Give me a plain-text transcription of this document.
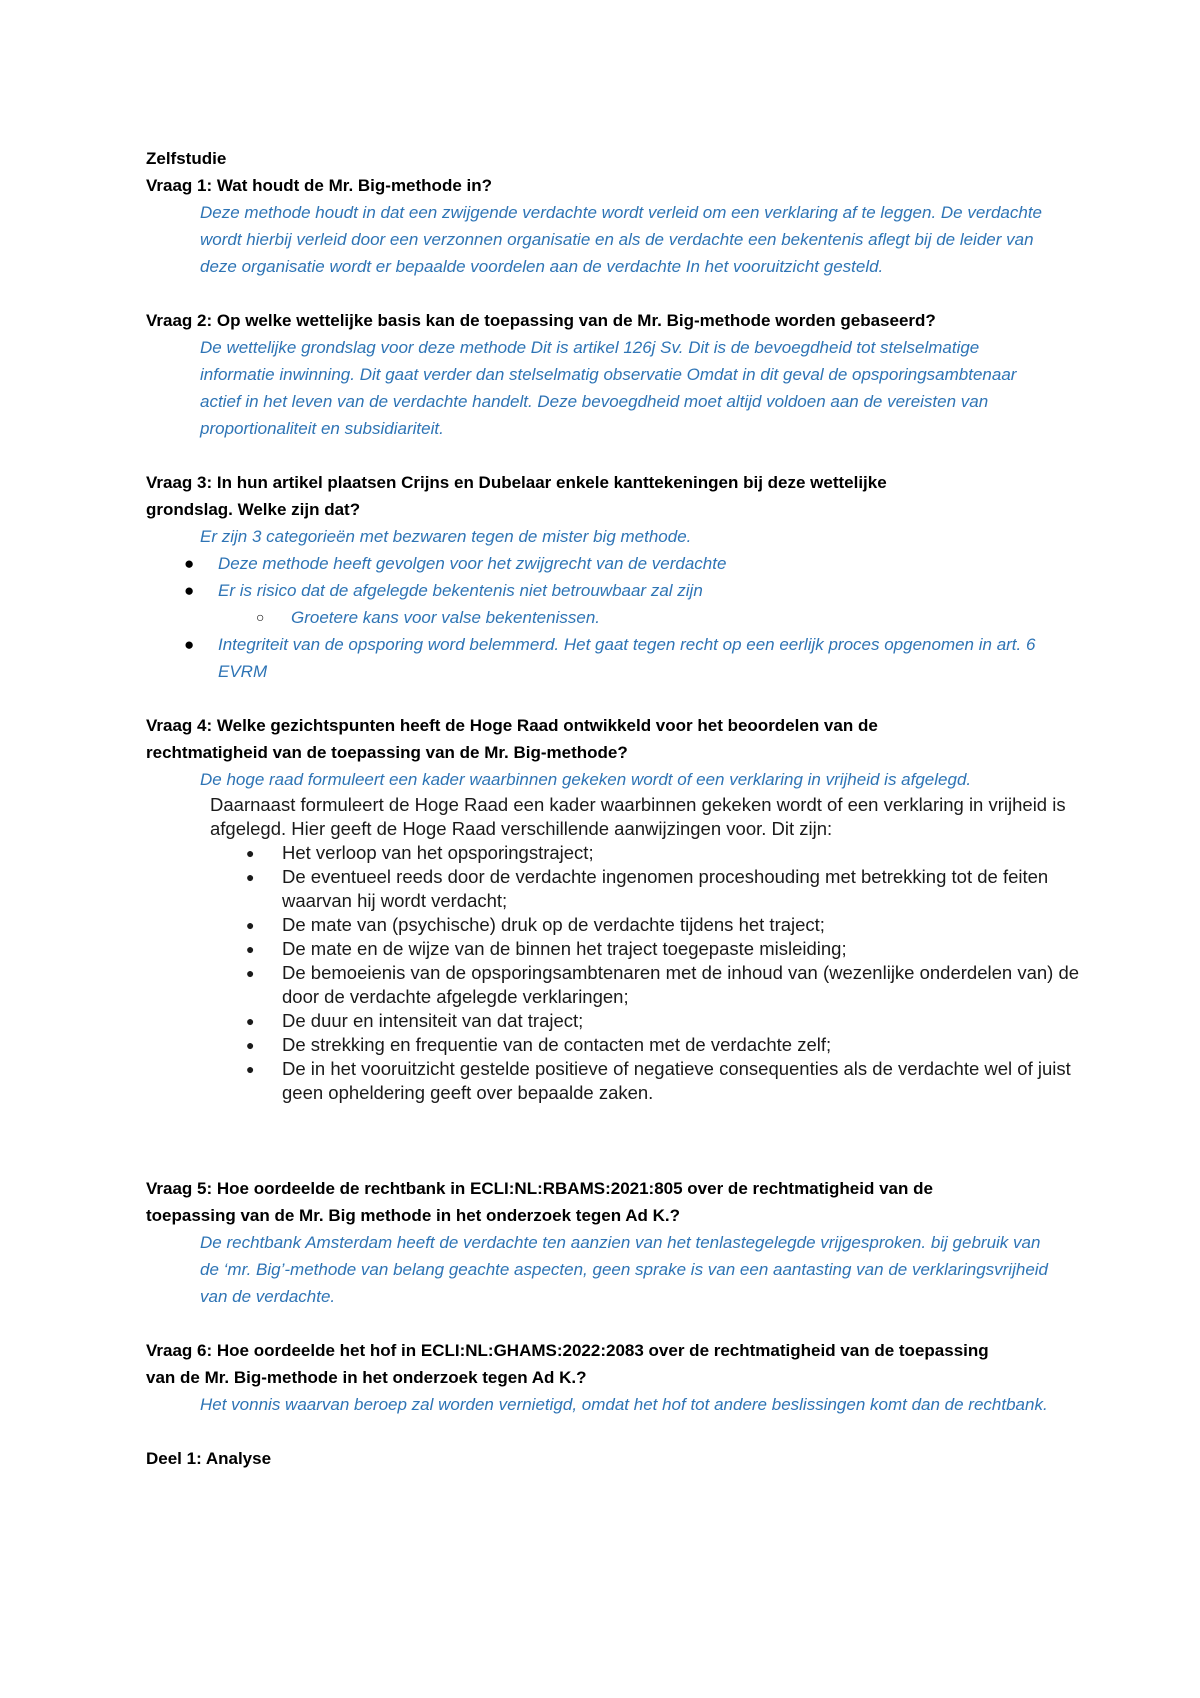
Zelfstudie

Vraag 1: Wat houdt de Mr. Big-methode in?

Deze methode houdt in dat een zwijgende verdachte wordt verleid om een verklaring af te leggen. De verdachte wordt hierbij verleid door een verzonnen organisatie en als de verdachte een bekentenis aflegt bij de leider van deze organisatie wordt er bepaalde voordelen aan de verdachte In het vooruitzicht gesteld.

Vraag 2: Op welke wettelijke basis kan de toepassing van de Mr. Big-methode worden gebaseerd?

De wettelijke grondslag voor deze methode Dit is artikel 126j Sv. Dit is de bevoegdheid tot stelselmatige informatie inwinning. Dit gaat verder dan stelselmatig observatie Omdat in dit geval de opsporingsambtenaar actief in het leven van de verdachte handelt. Deze bevoegdheid moet altijd voldoen aan de vereisten van proportionaliteit en subsidiariteit.

Vraag 3: In hun artikel plaatsen Crijns en Dubelaar enkele kanttekeningen bij deze wettelijke grondslag. Welke zijn dat?

Er zijn 3 categorieën met bezwaren tegen de mister big methode.

● Deze methode heeft gevolgen voor het zwijgrecht van de verdachte
● Er is risico dat de afgelegde bekentenis niet betrouwbaar zal zijn
○ Groetere kans voor valse bekentenissen.
● Integriteit van de opsporing word belemmerd. Het gaat tegen recht op een eerlijk proces opgenomen in art. 6 EVRM

Vraag 4: Welke gezichtspunten heeft de Hoge Raad ontwikkeld voor het beoordelen van de rechtmatigheid van de toepassing van de Mr. Big-methode?

De hoge raad formuleert een kader waarbinnen gekeken wordt of een verklaring in vrijheid is afgelegd.

Daarnaast formuleert de Hoge Raad een kader waarbinnen gekeken wordt of een verklaring in vrijheid is afgelegd. Hier geeft de Hoge Raad verschillende aanwijzingen voor. Dit zijn:

● Het verloop van het opsporingstraject;
● De eventueel reeds door de verdachte ingenomen proceshouding met betrekking tot de feiten waarvan hij wordt verdacht;
● De mate van (psychische) druk op de verdachte tijdens het traject;
● De mate en de wijze van de binnen het traject toegepaste misleiding;
● De bemoeienis van de opsporingsambtenaren met de inhoud van (wezenlijke onderdelen van) de door de verdachte afgelegde verklaringen;
● De duur en intensiteit van dat traject;
● De strekking en frequentie van de contacten met de verdachte zelf;
● De in het vooruitzicht gestelde positieve of negatieve consequenties als de verdachte wel of juist geen opheldering geeft over bepaalde zaken.

Vraag 5: Hoe oordeelde de rechtbank in ECLI:NL:RBAMS:2021:805 over de rechtmatigheid van de toepassing van de Mr. Big methode in het onderzoek tegen Ad K.?

De rechtbank Amsterdam heeft de verdachte ten aanzien van het tenlastegelegde vrijgesproken. bij gebruik van de ‘mr. Big’-methode van belang geachte aspecten, geen sprake is van een aantasting van de verklaringsvrijheid van de verdachte.

Vraag 6: Hoe oordeelde het hof in ECLI:NL:GHAMS:2022:2083 over de rechtmatigheid van de toepassing van de Mr. Big-methode in het onderzoek tegen Ad K.?

Het vonnis waarvan beroep zal worden vernietigd, omdat het hof tot andere beslissingen komt dan de rechtbank.

Deel 1: Analyse
